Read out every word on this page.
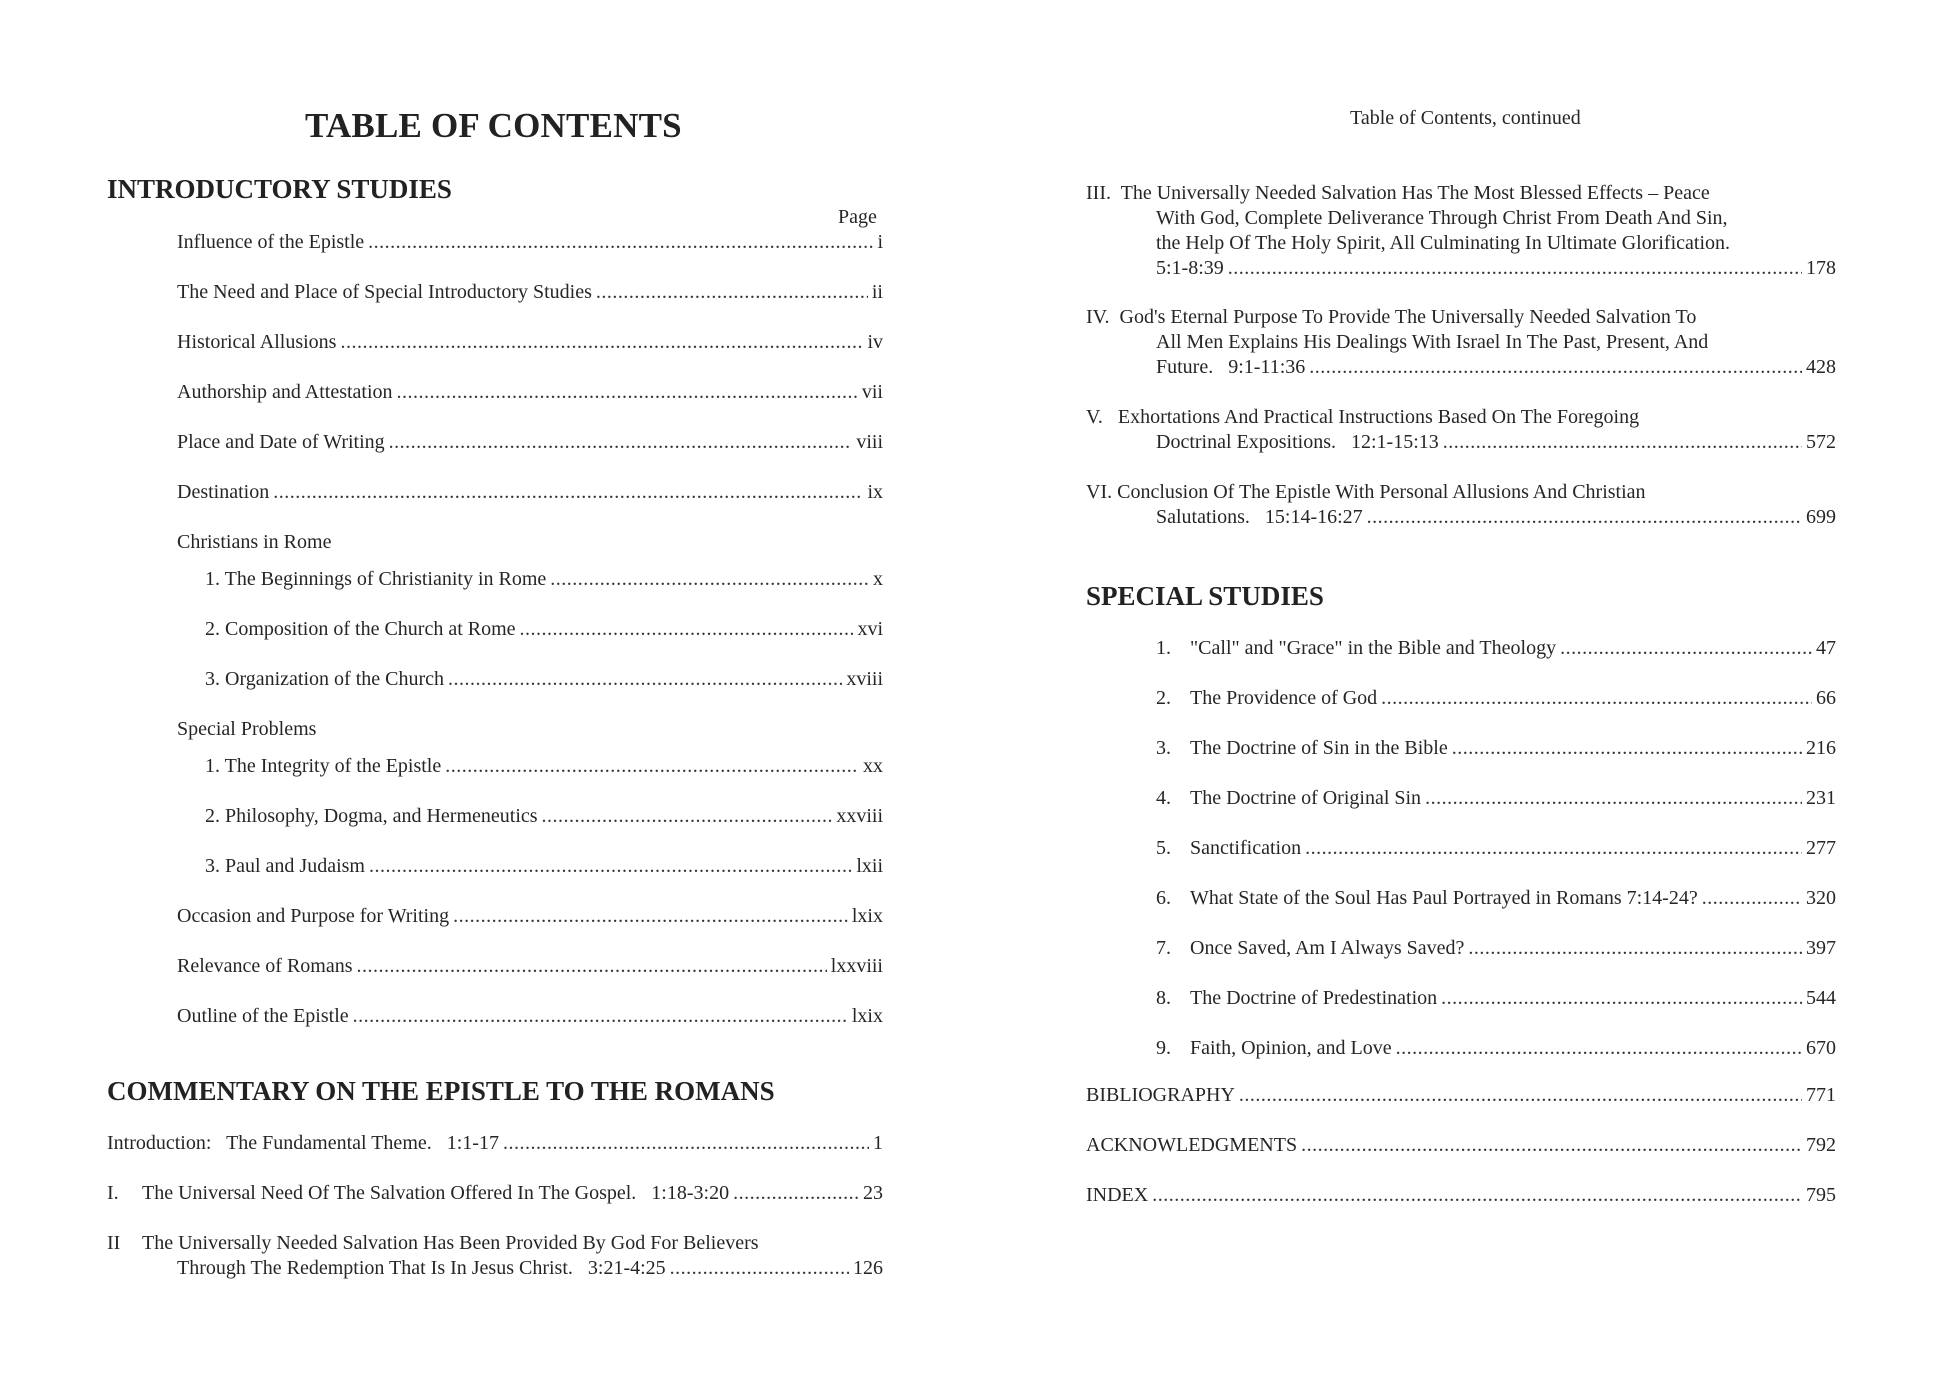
TABLE OF CONTENTS
INTRODUCTORY STUDIES
Page
Influence of the Epistle .....	i
The Need and Place of Special Introductory Studies .....	ii
Historical Allusions .....	iv
Authorship and Attestation .....	vii
Place and Date of Writing .....	viii
Destination .....	ix
Christians in Rome
1. The Beginnings of Christianity in Rome .....	x
2. Composition of the Church at Rome .....	xvi
3. Organization of the Church .....	xviii
Special Problems
1. The Integrity of the Epistle .....	xx
2. Philosophy, Dogma, and Hermeneutics .....	xxviii
3. Paul and Judaism .....	lxii
Occasion and Purpose for Writing .....	lxix
Relevance of Romans .....	lxxviii
Outline of the Epistle .....	lxix
COMMENTARY ON THE EPISTLE TO THE ROMANS
Introduction:   The Fundamental Theme.   1:1-17 .....	1
I.	The Universal Need Of The Salvation Offered In The Gospel.   1:18-3:20 .....	23
II The Universally Needed Salvation Has Been Provided By God For Believers
Through The Redemption That Is In Jesus Christ.   3:21-4:25 .....	126
Table of Contents, continued
III.  The Universally Needed Salvation Has The Most Blessed Effects – Peace
With God, Complete Deliverance Through Christ From Death And Sin,
the Help Of The Holy Spirit, All Culminating In Ultimate Glorification.
5:1-8:39 .....	178
IV.  God's Eternal Purpose To Provide The Universally Needed Salvation To
All Men Explains His Dealings With Israel In The Past, Present, And
Future.   9:1-11:36 .....	428
V.   Exhortations And Practical Instructions Based On The Foregoing
Doctrinal Expositions.   12:1-15:13 .....	572
VI. Conclusion Of The Epistle With Personal Allusions And Christian
Salutations.   15:14-16:27 .....	699
SPECIAL STUDIES
1. "Call" and "Grace" in the Bible and Theology .....	47
2. The Providence of God .....	66
3. The Doctrine of Sin in the Bible .....	216
4. The Doctrine of Original Sin .....	231
5. Sanctification .....	277
6. What State of the Soul Has Paul Portrayed in Romans 7:14-24? .....	320
7. Once Saved, Am I Always Saved? .....	397
8. The Doctrine of Predestination .....	544
9. Faith, Opinion, and Love .....	670
BIBLIOGRAPHY .....	771
ACKNOWLEDGMENTS .....	792
INDEX .....	795
